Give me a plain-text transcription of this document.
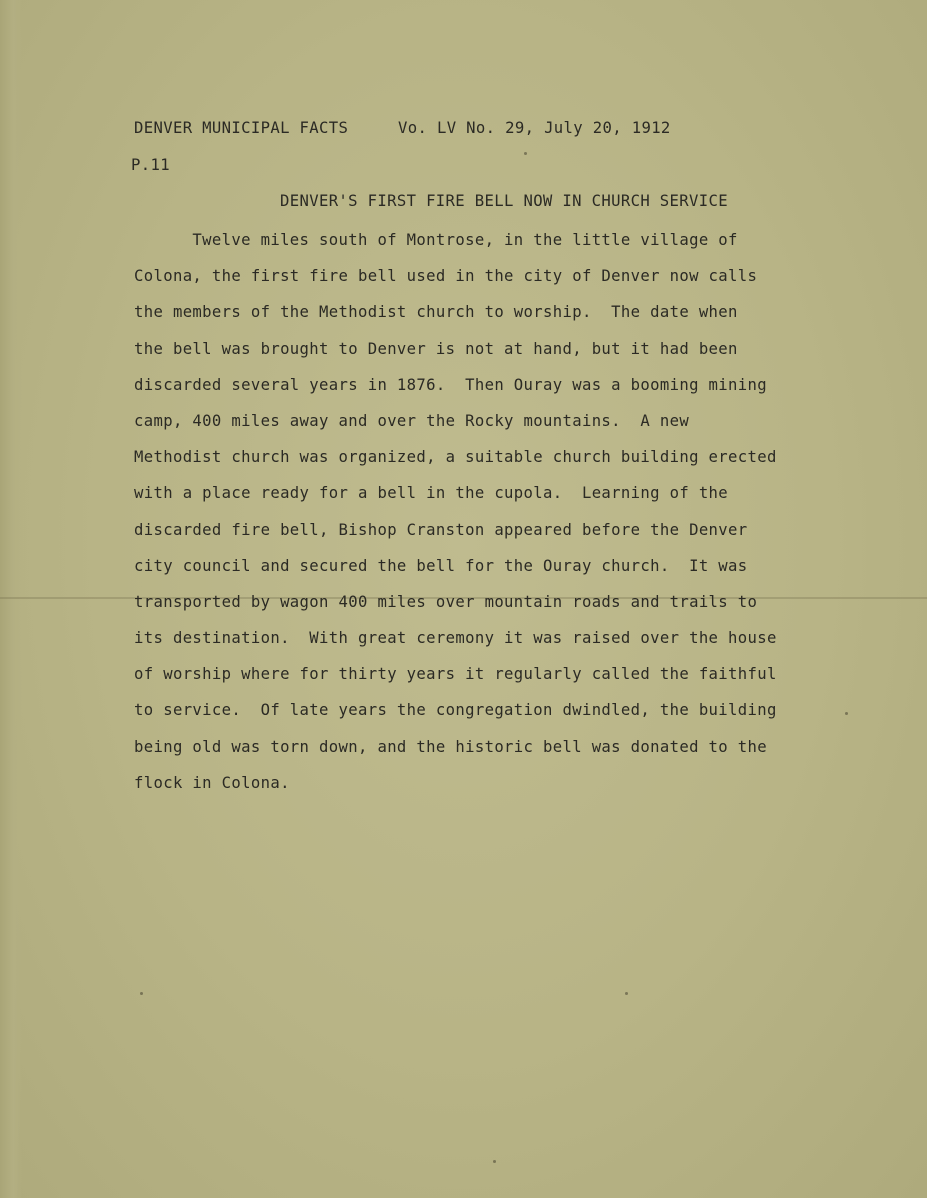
DENVER MUNICIPAL FACTS	Vo. LV No. 29, July 20, 1912
P.11
DENVER'S FIRST FIRE BELL NOW IN CHURCH SERVICE
Twelve miles south of Montrose, in the little village of
Colona, the first fire bell used in the city of Denver now calls
the members of the Methodist church to worship.  The date when
the bell was brought to Denver is not at hand, but it had been
discarded several years in 1876.  Then Ouray was a booming mining
camp, 400 miles away and over the Rocky mountains.  A new
Methodist church was organized, a suitable church building erected
with a place ready for a bell in the cupola.  Learning of the
discarded fire bell, Bishop Cranston appeared before the Denver
city council and secured the bell for the Ouray church.  It was
transported by wagon 400 miles over mountain roads and trails to
its destination.  With great ceremony it was raised over the house
of worship where for thirty years it regularly called the faithful
to service.  Of late years the congregation dwindled, the building
being old was torn down, and the historic bell was donated to the
flock in Colona.
